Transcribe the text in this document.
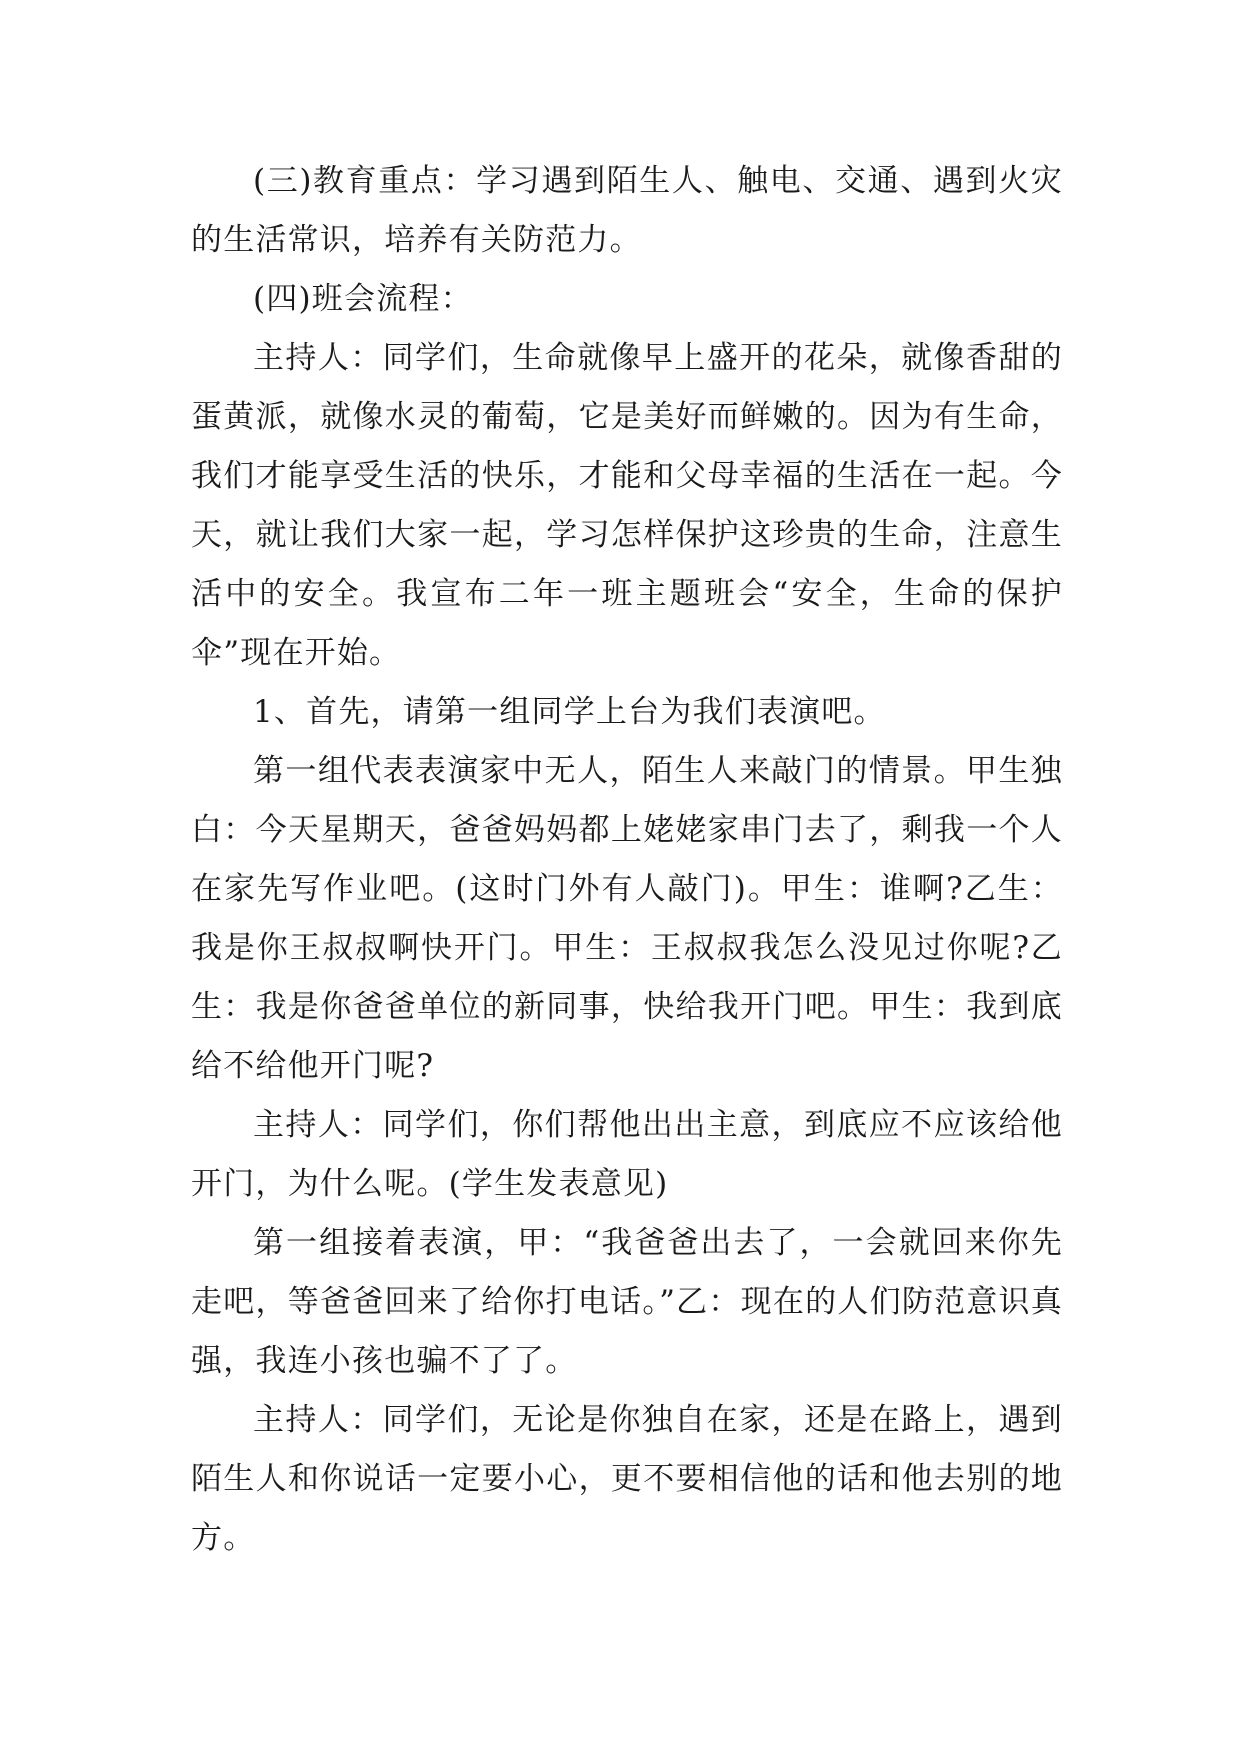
(三)教育重点：学习遇到陌生人、触电、交通、遇到火灾的生活常识，培养有关防范力。

(四)班会流程：

主持人：同学们，生命就像早上盛开的花朵，就像香甜的蛋黄派，就像水灵的葡萄，它是美好而鲜嫩的。因为有生命，我们才能享受生活的快乐，才能和父母幸福的生活在一起。今天，就让我们大家一起，学习怎样保护这珍贵的生命，注意生活中的安全。我宣布二年一班主题班会“安全，生命的保护伞”现在开始。

1、首先，请第一组同学上台为我们表演吧。

第一组代表表演家中无人，陌生人来敲门的情景。甲生独白：今天星期天，爸爸妈妈都上姥姥家串门去了，剩我一个人在家先写作业吧。(这时门外有人敲门)。甲生：谁啊?乙生：我是你王叔叔啊快开门。甲生：王叔叔我怎么没见过你呢?乙生：我是你爸爸单位的新同事，快给我开门吧。甲生：我到底给不给他开门呢?

主持人：同学们，你们帮他出出主意，到底应不应该给他开门，为什么呢。(学生发表意见)

第一组接着表演，甲：“我爸爸出去了，一会就回来你先走吧，等爸爸回来了给你打电话。”乙：现在的人们防范意识真强，我连小孩也骗不了了。

主持人：同学们，无论是你独自在家，还是在路上，遇到陌生人和你说话一定要小心，更不要相信他的话和他去别的地方。
